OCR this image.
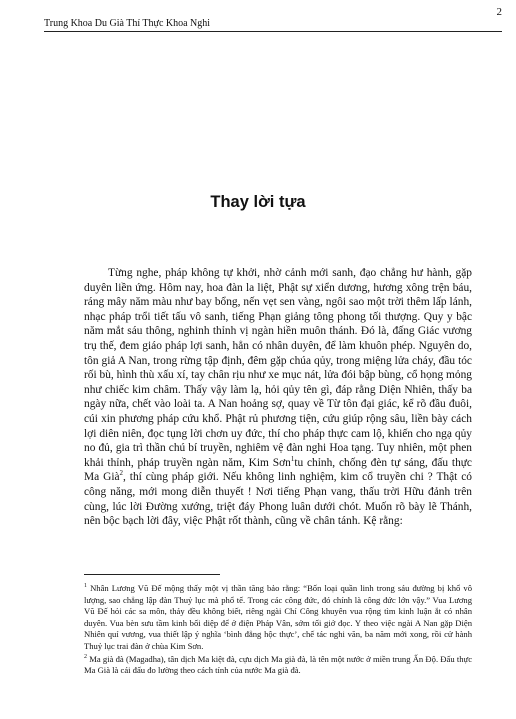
2
Trung Khoa Du Già Thí Thực Khoa Nghi
Thay lời tựa

Từng nghe, pháp không tự khởi, nhờ cảnh mới sanh, đạo chẳng hư hành, gặp duyên liền ứng. Hôm nay, hoa đàn la liệt, Phật sự xiển dương, hương xông trện báu, ráng mây năm màu như bay bổng, nến vẹt sen vàng, ngôi sao một trời thêm lấp lánh, nhạc pháp trổi tiết tấu vô sanh, tiếng Phạn giảng tông phong tối thượng. Quy y bậc năm mắt sáu thông, nghinh thỉnh vị ngàn hiền muôn thánh. Đó là, đấng Giác vương trụ thế, đem giáo pháp lợi sanh, hẳn có nhân duyên, để làm khuôn phép. Nguyên do, tôn giả A Nan, trong rừng tập định, đêm gặp chúa qủy, trong miệng lửa cháy, đầu tóc rối bù, hình thù xấu xí, tay chân rịu như xe mục nát, lửa đói bập bùng, cổ họng mỏng như chiếc kim châm. Thấy vậy làm lạ, hỏi qủy tên gì, đáp rằng Diện Nhiên, thấy ba ngày nữa, chết vào loài ta. A Nan hoảng sợ, quay về Từ tôn đại giác, kể rõ đầu đuôi, cúi xin phương pháp cứu khổ. Phật rủ phương tiện, cứu giúp rộng sâu, liền bày cách lợi diên niên, đọc tụng lời chơn uy đức, thí cho pháp thực cam lộ, khiến cho ngạ qủy no đủ, gia trì thần chú bí truyền, nghiêm vệ đàn nghi Hoa tạng. Tuy nhiên, một phen khải thỉnh, pháp truyền ngàn năm, Kim Sơn$^1$tu chỉnh, chống đèn tự sáng, đấu thực Ma Già$^2$, thí cùng pháp giới. Nếu không linh nghiệm, kim cổ truyền chi ? Thật có công năng, mới mong diễn thuyết ! Nơi tiếng Phạn vang, thấu trời Hữu đảnh trên cùng, lúc lời Đường xướng, triệt đáy Phong luân dưới chót. Muốn rõ bày lẽ Thánh, nên bộc bạch lời đây, việc Phật rốt thành, cũng về chân tánh. Kệ rằng:

$^1$ Nhân Lương Vũ Đế mộng thấy một vị thần tăng bảo rằng: “Bốn loại quần linh trong sáu đường bị khổ vô lượng, sao chẳng lập đàn Thuỷ lục mà phổ tế. Trong các công đức, đó chính là công đức lớn vậy.” Vua Lương Vũ Đế hỏi các sa môn, thảy đều không biết, riêng ngài Chí Công khuyên vua rộng tìm kinh luận ắt có nhân duyên. Vua bèn sưu tầm kinh bối diệp để ở điện Pháp Vân, sớm tối giở đọc. Y theo việc ngài A Nan gặp Diện Nhiên quỉ vương, vua thiết lập ý nghĩa ‘bình đẳng hộc thực’, chế tác nghi văn, ba năm mới xong, rồi cử hành Thuỷ lục trai đàn ở chùa Kim Sơn.

$^2$ Ma già đà (Magadha), tân dịch Ma kiệt đà, cựu dịch Ma già đà, là tên một nước ở miền trung Ấn Độ. Đấu thực Ma Già là cái đấu đo lường theo cách tính của nước Ma già đà.
